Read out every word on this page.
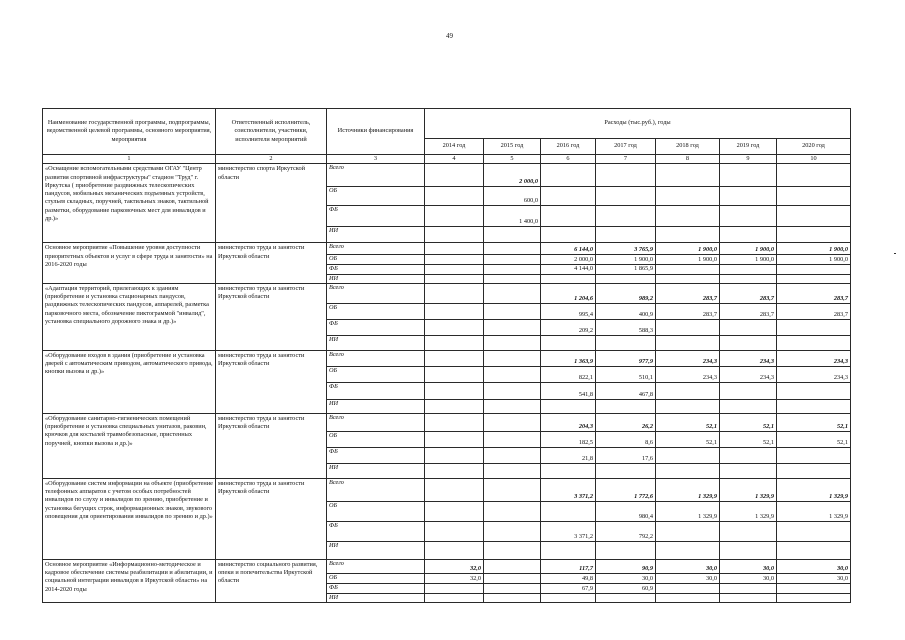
49
Наименование государственной программы, подпрограммы, ведомственной целевой программы, основного мероприятия, мероприятия	Ответственный исполнитель, соисполнители, участники, исполнители мероприятий	Источники финансирования	Расходы (тыс.руб.), годы						
			2014 год	2015 год	2016 год	2017 год	2018 год	2019 год	2020 год
1	2	3	4	5	6	7	8	9	10
«Оснащение вспомогательными средствами ОГАУ "Центр развития спортивной инфраструктуры" стадион "Труд" г. Иркутска ( приобретение раздвижных телескопических пандусов, мобильных механических подъемных устройств, стульев складных, поручней, тактильных знаков, тактильной разметки, оборудование парковочных мест для инвалидов и др.)»	министерство спорта Иркутской области	Всего		2 000,0					
		ОБ		600,0					
		ФБ		1 400,0					
		ИИ							
Основное мероприятие «Повышение уровня доступности приоритетных объектов и услуг в сфере труда и занятости» на 2016-2020 годы	министерство труда и занятости Иркутской области	Всего			6 144,0	3 765,9	1 900,0	1 900,0	1 900,0
		ОБ			2 000,0	1 900,0	1 900,0	1 900,0	1 900,0
		ФБ			4 144,0	1 865,9			
		ИИ							
«Адаптация территорий, прилегающих к зданиям (приобретение и установка стационарных пандусов, раздвижных телескопических пандусов, аппарелей, разметка парковочного места, обозначение пиктограммой "инвалид", установка специального дорожного знака и др.)»	министерство труда и занятости Иркутской области	Всего			1 204,6	989,2	283,7	283,7	283,7
		ОБ			995,4	400,9	283,7	283,7	283,7
		ФБ			209,2	588,3			
		ИИ							
«Оборудование входов в здания (приобретение и установка дверей с автоматическим приводом, автоматического привода, кнопки вызова и др.)»	министерство труда и занятости Иркутской области	Всего			1 363,9	977,9	234,3	234,3	234,3
		ОБ			822,1	510,1	234,3	234,3	234,3
		ФБ			541,8	467,8			
		ИИ							
«Оборудование санитарно-гигиенических помещений (приобретение и установка специальных унитазов, раковин, крючков для костылей травмобезопасные, пристенных поручней, кнопки вызова и др.)»	министерство труда и занятости Иркутской области	Всего			204,3	26,2	52,1	52,1	52,1
		ОБ			182,5	8,6	52,1	52,1	52,1
		ФБ			21,8	17,6			
		ИИ							
«Оборудование систем информации на объекте (приобретение телефонных аппаратов с учетом особых потребностей инвалидов по слуху и инвалидов по зрению, приобретение и установка бегущих строк, информационных знаков, звукового оповещения для ориентирования инвалидов по зрению и др.)»	министерство труда и занятости Иркутской области	Всего			3 371,2	1 772,6	1 329,9	1 329,9	1 329,9
		ОБ				980,4	1 329,9	1 329,9	1 329,9
		ФБ			3 371,2	792,2			
		ИИ							
Основное мероприятие «Информационно-методическое и кадровое обеспечение системы реабилитации и абилитации, и социальной интеграции инвалидов в Иркутской области» на 2014-2020 годы	министерство социального развития, опеки и попечительства Иркутской области	Всего	32,0		117,7	90,9	30,0	30,0	30,0
		ОБ	32,0		49,8	30,0	30,0	30,0	30,0
		ФБ			67,9	60,9			
		ИИ							
